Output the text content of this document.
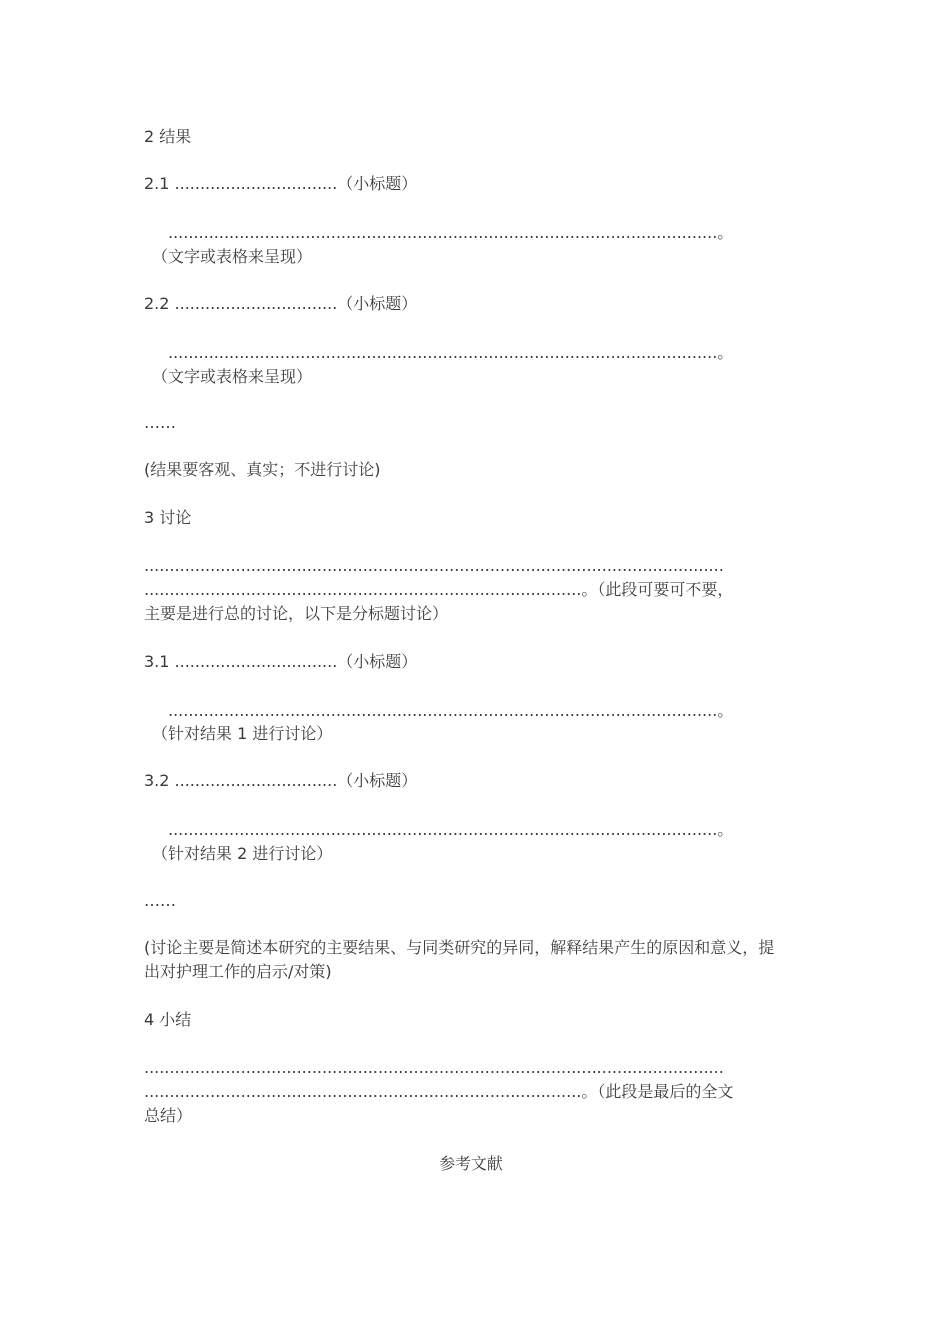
2 结果

2.1 ................................（小标题）

............................................................................................................。

（文字或表格来呈现）

2.2 ................................（小标题）

............................................................................................................。

（文字或表格来呈现）

……

(结果要客观、真实；不进行讨论)

3 讨论

..................................................................................................................

......................................................................................。（此段可要可不要，

主要是进行总的讨论，以下是分标题讨论）

3.1 ................................（小标题）

............................................................................................................。

（针对结果 1 进行讨论）

3.2 ................................（小标题）

............................................................................................................。

（针对结果 2 进行讨论）

……

(讨论主要是简述本研究的主要结果、与同类研究的异同，解释结果产生的原因和意义，提

出对护理工作的启示/对策)

4 小结

..................................................................................................................

......................................................................................。（此段是最后的全文

总结）

参考文献
